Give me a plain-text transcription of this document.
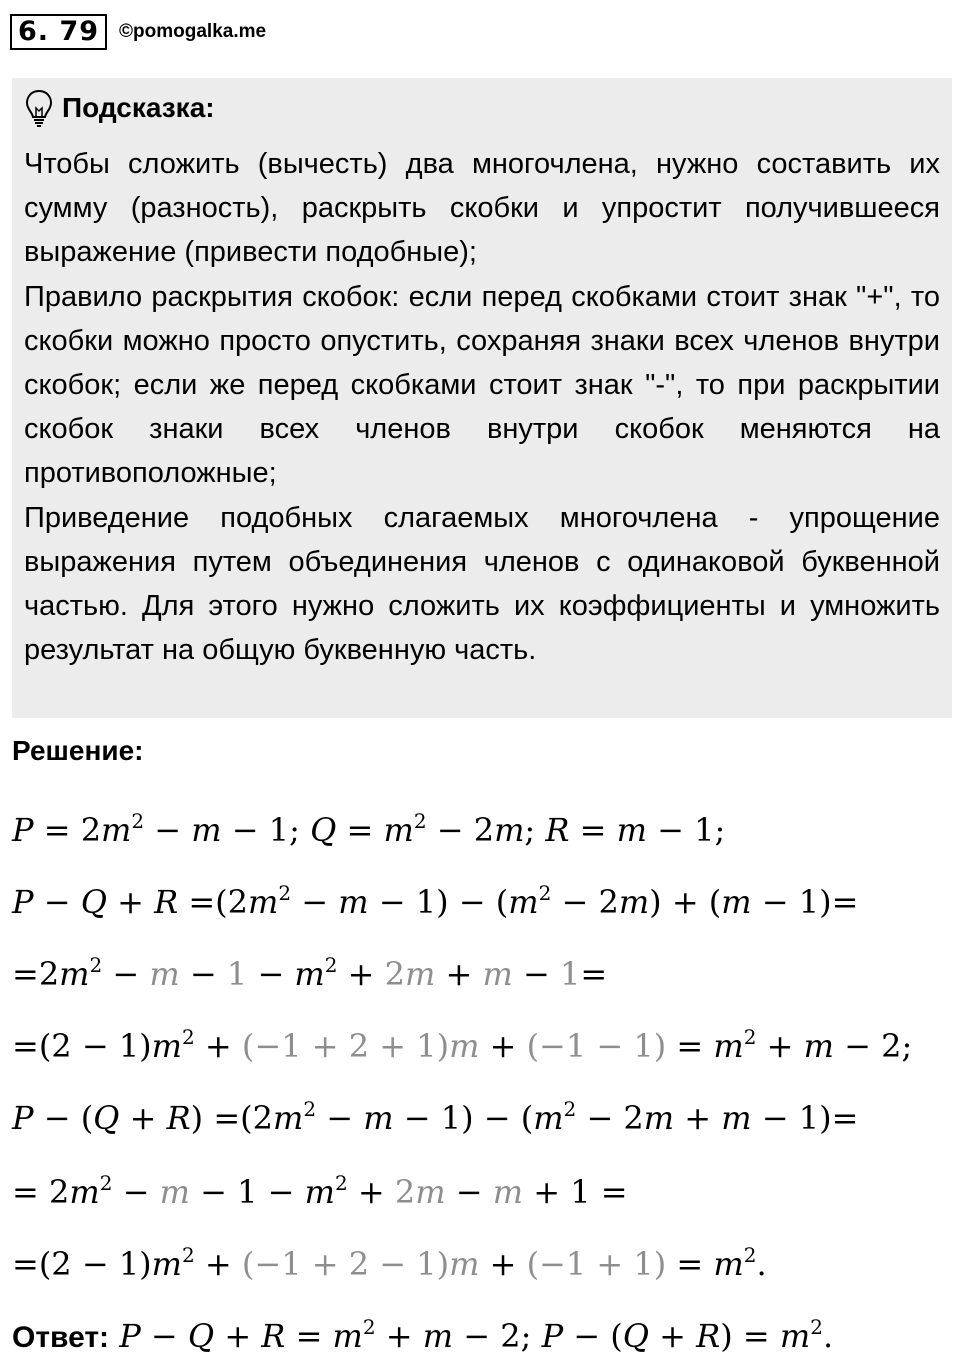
6. 79	©pomogalka.me
Подсказка:

Чтобы сложить (вычесть) два многочлена, нужно составить их сумму (разность), раскрыть скобки и упростит получившееся выражение (привести подобные);

Правило раскрытия скобок: если перед скобками стоит знак "+", то скобки можно просто опустить, сохраняя знаки всех членов внутри скобок; если же перед скобками стоит знак "-", то при раскрытии скобок знаки всех членов внутри скобок меняются на противоположные;

Приведение подобных слагаемых многочлена - упрощение выражения путем объединения членов с одинаковой буквенной частью. Для этого нужно сложить их коэффициенты и умножить результат на общую буквенную часть.

Решение:
$P = 2m^2 - m - 1$; $Q = m^2 - 2m$; R = m − 1;
$P - Q + R =(2m^2 - m - 1) - (m^2 - 2m) + (m - 1)=$
$=2m^2 - m - 1 - m^2 + 2m + m - 1=$
$=(2 - 1)m^2 + (-1 + 2 + 1)m + (-1 - 1) = m^2 + m - 2$;
$P - (Q + R) =(2m^2 - m - 1) - (m^2 - 2m + m - 1)=$
= $2m^2 - m - 1 - m^2 + 2m - m + 1$ =
$=(2 - 1)m^2 + (-1 + 2 - 1)m + (-1 + 1) = m^2$.
Ответ: $P - Q + R = m^2 + m - 2$; $P - (Q + R) = m^2$.
